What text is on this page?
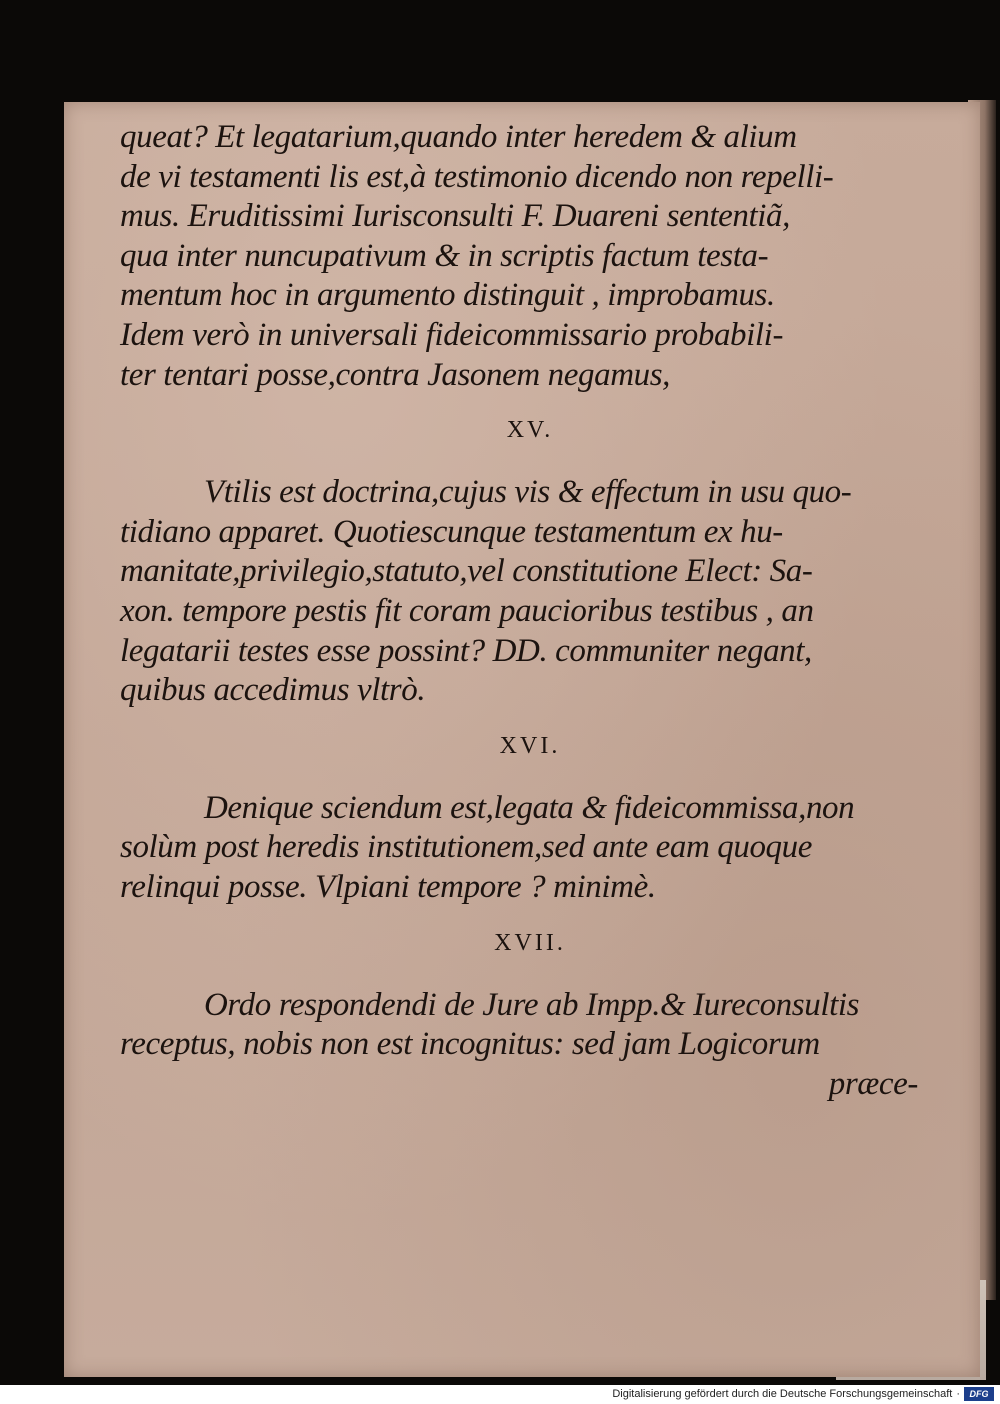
queat? Et legatarium,quando inter heredem & alium
de vi testamenti lis est,à testimonio dicendo non repelli-
mus. Eruditissimi Iurisconsulti F. Duareni sententiã,
qua inter nuncupativum & in scriptis factum testa-
mentum hoc in argumento distinguit , improbamus.
Idem verò in universali fideicommissario probabili-
ter tentari posse,contra Jasonem negamus,
XV.
Vtilis est doctrina,cujus vis & effectum in usu quo-
tidiano apparet. Quotiescunque testamentum ex hu-
manitate,privilegio,statuto,vel constitutione Elect: Sa-
xon. tempore pestis fit coram paucioribus testibus , an
legatarii testes esse possint? DD. communiter negant,
quibus accedimus vltrò.
XVI.
Denique sciendum est,legata & fideicommissa,non
solùm post heredis institutionem,sed ante eam quoque
relinqui posse. Vlpiani tempore ? minimè.
XVII.
Ordo respondendi de Jure ab Impp.& Iureconsultis
receptus, nobis non est incognitus: sed jam Logicorum
præce-
Digitalisierung gefördert durch die Deutsche Forschungsgemeinschaft · DFG
